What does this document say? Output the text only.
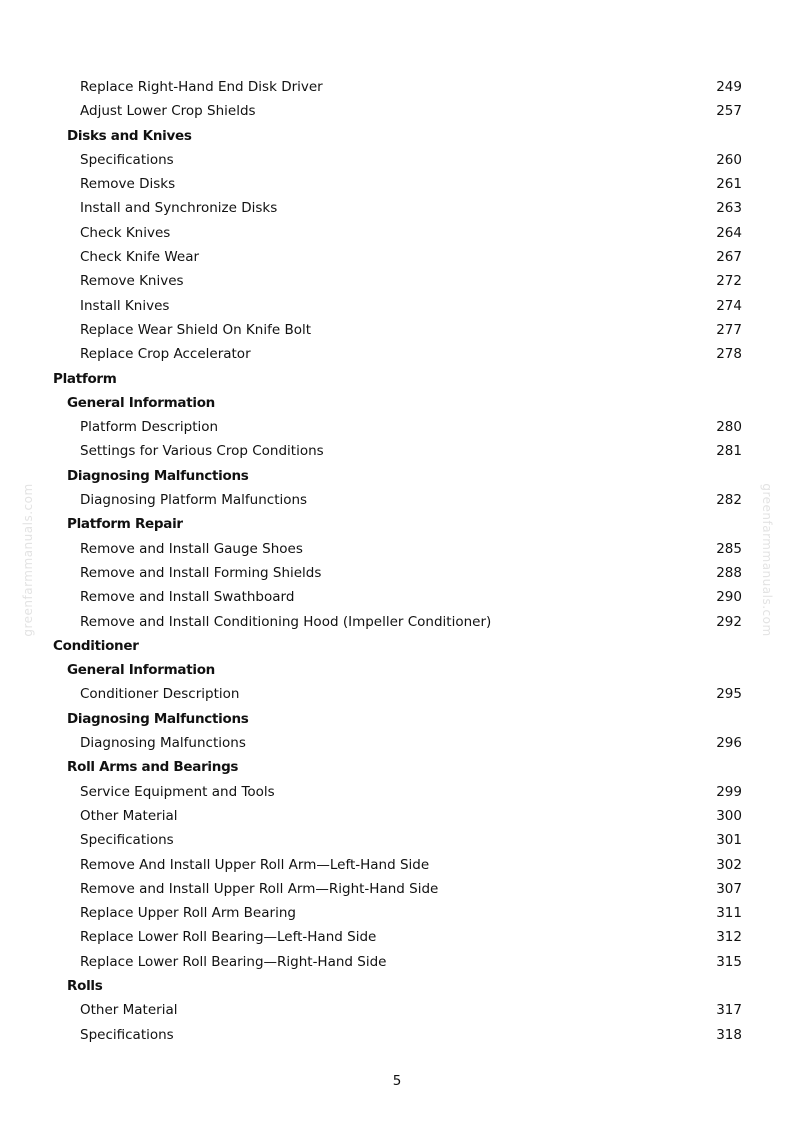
Replace Right-Hand End Disk Driver	249
Adjust Lower Crop Shields	257
Disks and Knives
Specifications	260
Remove Disks	261
Install and Synchronize Disks	263
Check Knives	264
Check Knife Wear	267
Remove Knives	272
Install Knives	274
Replace Wear Shield On Knife Bolt	277
Replace Crop Accelerator	278
Platform
General Information
Platform Description	280
Settings for Various Crop Conditions	281
Diagnosing Malfunctions
Diagnosing Platform Malfunctions	282
Platform Repair
Remove and Install Gauge Shoes	285
Remove and Install Forming Shields	288
Remove and Install Swathboard	290
Remove and Install Conditioning Hood (Impeller Conditioner)	292
Conditioner
General Information
Conditioner Description	295
Diagnosing Malfunctions
Diagnosing Malfunctions	296
Roll Arms and Bearings
Service Equipment and Tools	299
Other Material	300
Specifications	301
Remove And Install Upper Roll Arm—Left-Hand Side	302
Remove and Install Upper Roll Arm—Right-Hand Side	307
Replace Upper Roll Arm Bearing	311
Replace Lower Roll Bearing—Left-Hand Side	312
Replace Lower Roll Bearing—Right-Hand Side	315
Rolls
Other Material	317
Specifications	318
5
greenfarmmanuals.com	greenfarmmanuals.com
